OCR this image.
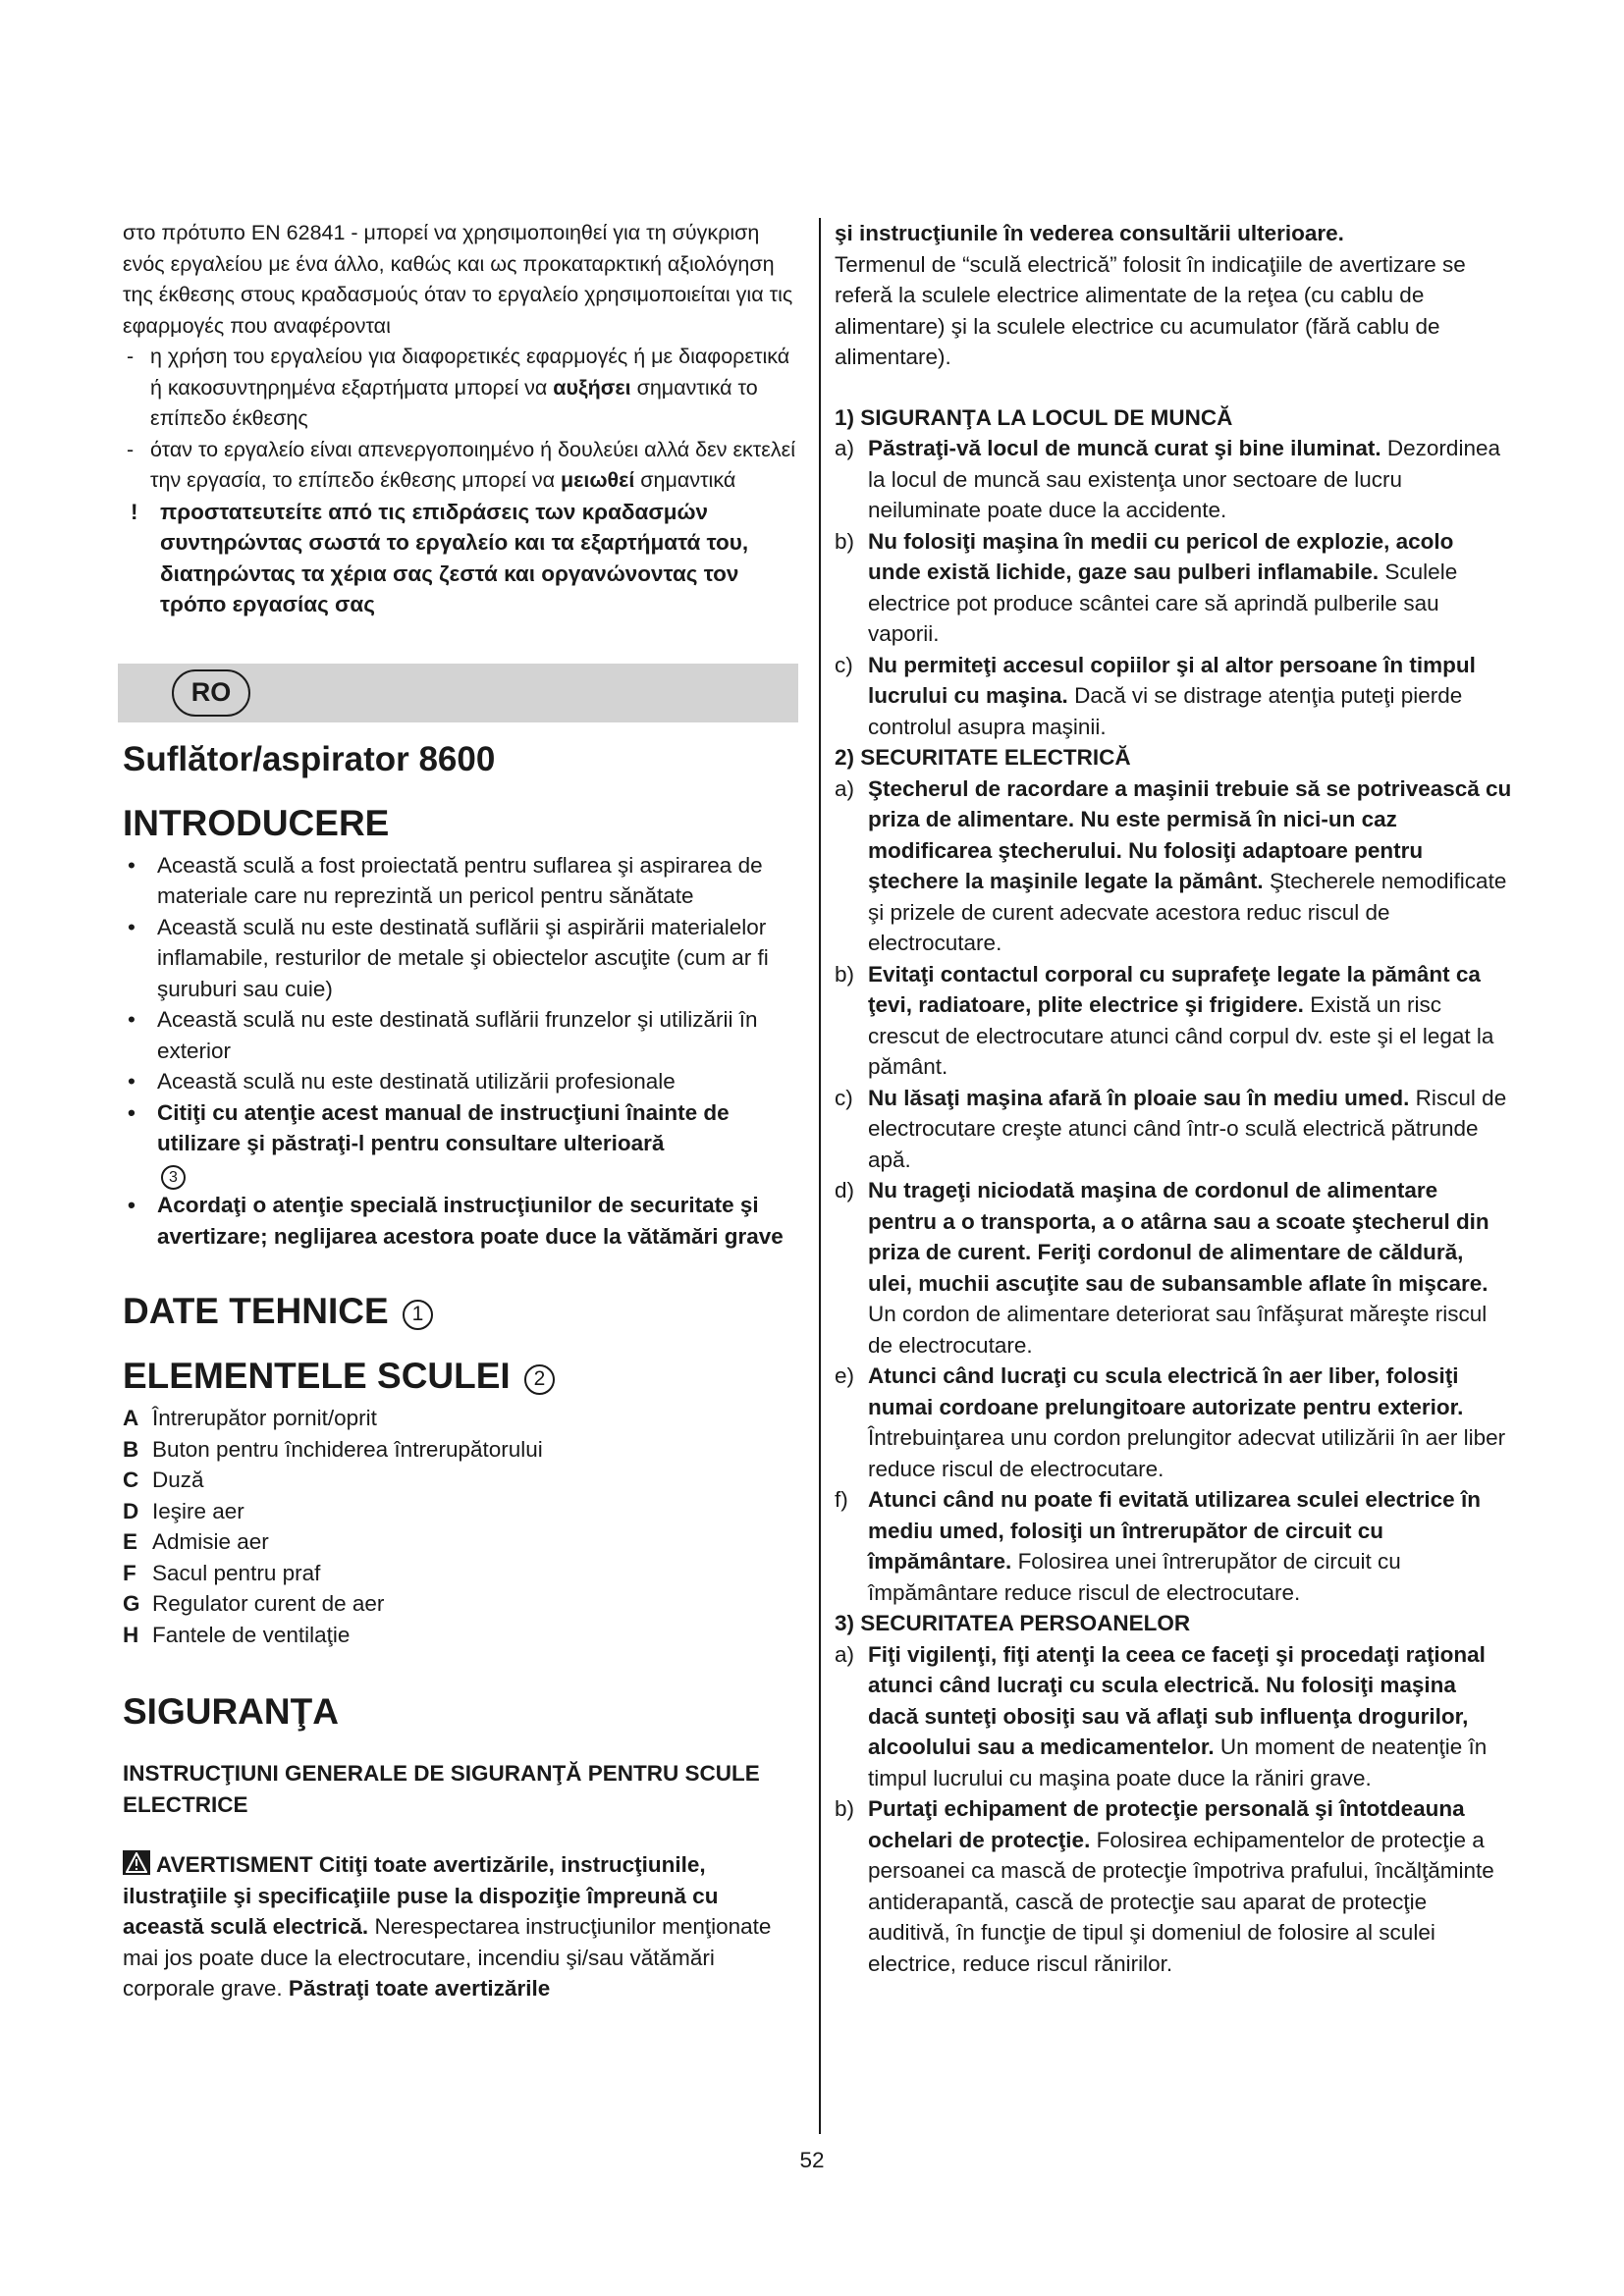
στο πρότυπο EN 62841 - μπορεί να χρησιμοποιηθεί για τη σύγκριση ενός εργαλείου με ένα άλλο, καθώς και ως προκαταρκτική αξιολόγηση της έκθεσης στους κραδασμούς όταν το εργαλείο χρησιμοποιείται για τις εφαρμογές που αναφέρονται

- η χρήση του εργαλείου για διαφορετικές εφαρμογές ή με διαφορετικά ή κακοσυντηρημένα εξαρτήματα μπορεί να αυξήσει σημαντικά το επίπεδο έκθεσης
- όταν το εργαλείο είναι απενεργοποιημένο ή δουλεύει αλλά δεν εκτελεί την εργασία, το επίπεδο έκθεσης μπορεί να μειωθεί σημαντικά
!	προστατευτείτε από τις επιδράσεις των κραδασμών συντηρώντας σωστά το εργαλείο και τα εξαρτήματά του, διατηρώντας τα χέρια σας ζεστά και οργανώνοντας τον τρόπο εργασίας σας
RO
Suflător/aspirator 8600
INTRODUCERE
• Această sculă a fost proiectată pentru suflarea şi aspirarea de materiale care nu reprezintă un pericol pentru sănătate
• Această sculă nu este destinată suflării şi aspirării materialelor inflamabile, resturilor de metale şi obiectelor ascuţite (cum ar fi şuruburi sau cuie)
• Această sculă nu este destinată suflării frunzelor şi utilizării în exterior
• Această sculă nu este destinată utilizării profesionale
• Citiţi cu atenţie acest manual de instrucţiuni înainte de utilizare şi păstraţi-l pentru consultare ulterioară
3
• Acordaţi o atenţie specială instrucţiunilor de securitate şi avertizare; neglijarea acestora poate duce la vătămări grave
DATE TEHNICE 1
ELEMENTELE SCULEI 2
A Întrerupător pornit/oprit
B Buton pentru închiderea întrerupătorului
C Duză
D Ieşire aer
E Admisie aer
F Sacul pentru praf
G Regulator curent de aer
H Fantele de ventilaţie
SIGURANŢA
INSTRUCŢIUNI GENERALE DE SIGURANŢĂ PENTRU SCULE ELECTRICE

AVERTISMENT Citiţi toate avertizările, instrucţiunile, ilustraţiile şi specificaţiile puse la dispoziţie împreună cu această sculă electrică. Nerespectarea instrucţiunilor menţionate mai jos poate duce la electrocutare, incendiu şi/sau vătămări corporale grave. Păstraţi toate avertizările

şi instrucţiunile în vederea consultării ulterioare.
Termenul de “sculă electrică” folosit în indicaţiile de avertizare se referă la sculele electrice alimentate de la reţea (cu cablu de alimentare) şi la sculele electrice cu acumulator (fără cablu de alimentare).

1) SIGURANŢA LA LOCUL DE MUNCĂ
a) Păstraţi-vă locul de muncă curat şi bine iluminat. Dezordinea la locul de muncă sau existenţa unor sectoare de lucru neiluminate poate duce la accidente.
b) Nu folosiţi maşina în medii cu pericol de explozie, acolo unde există lichide, gaze sau pulberi inflamabile. Sculele electrice pot produce scântei care să aprindă pulberile sau vaporii.
c) Nu permiteţi accesul copiilor şi al altor persoane în timpul lucrului cu maşina. Dacă vi se distrage atenţia puteţi pierde controlul asupra maşinii.
2) SECURITATE ELECTRICĂ
a) Ştecherul de racordare a maşinii trebuie să se potrivească cu priza de alimentare. Nu este permisă în nici-un caz modificarea ştecherului. Nu folosiţi adaptoare pentru ştechere la maşinile legate la pământ. Ştecherele nemodificate şi prizele de curent adecvate acestora reduc riscul de electrocutare.
b) Evitaţi contactul corporal cu suprafeţe legate la pământ ca ţevi, radiatoare, plite electrice şi frigidere. Există un risc crescut de electrocutare atunci când corpul dv. este şi el legat la pământ.
c) Nu lăsaţi maşina afară în ploaie sau în mediu umed. Riscul de electrocutare creşte atunci când într-o sculă electrică pătrunde apă.
d) Nu trageţi niciodată maşina de cordonul de alimentare pentru a o transporta, a o atârna sau a scoate ştecherul din priza de curent. Feriţi cordonul de alimentare de căldură, ulei, muchii ascuţite sau de subansamble aflate în mişcare. Un cordon de alimentare deteriorat sau înfăşurat măreşte riscul de electrocutare.
e) Atunci când lucraţi cu scula electrică în aer liber, folosiţi numai cordoane prelungitoare autorizate pentru exterior. Întrebuinţarea unu cordon prelungitor adecvat utilizării în aer liber reduce riscul de electrocutare.
f) Atunci când nu poate fi evitată utilizarea sculei electrice în mediu umed, folosiţi un întrerupător de circuit cu împământare. Folosirea unei întrerupător de circuit cu împământare reduce riscul de electrocutare.
3) SECURITATEA PERSOANELOR
a) Fiţi vigilenţi, fiţi atenţi la ceea ce faceţi şi procedaţi raţional atunci când lucraţi cu scula electrică. Nu folosiţi maşina dacă sunteţi obosiţi sau vă aflaţi sub influenţa drogurilor, alcoolului sau a medicamentelor. Un moment de neatenţie în timpul lucrului cu maşina poate duce la răniri grave.
b) Purtaţi echipament de protecţie personală şi întotdeauna ochelari de protecţie. Folosirea echipamentelor de protecţie a persoanei ca mască de protecţie împotriva prafului, încălţăminte antiderapantă, cască de protecţie sau aparat de protecţie auditivă, în funcţie de tipul şi domeniul de folosire al sculei electrice, reduce riscul rănirilor.
52
